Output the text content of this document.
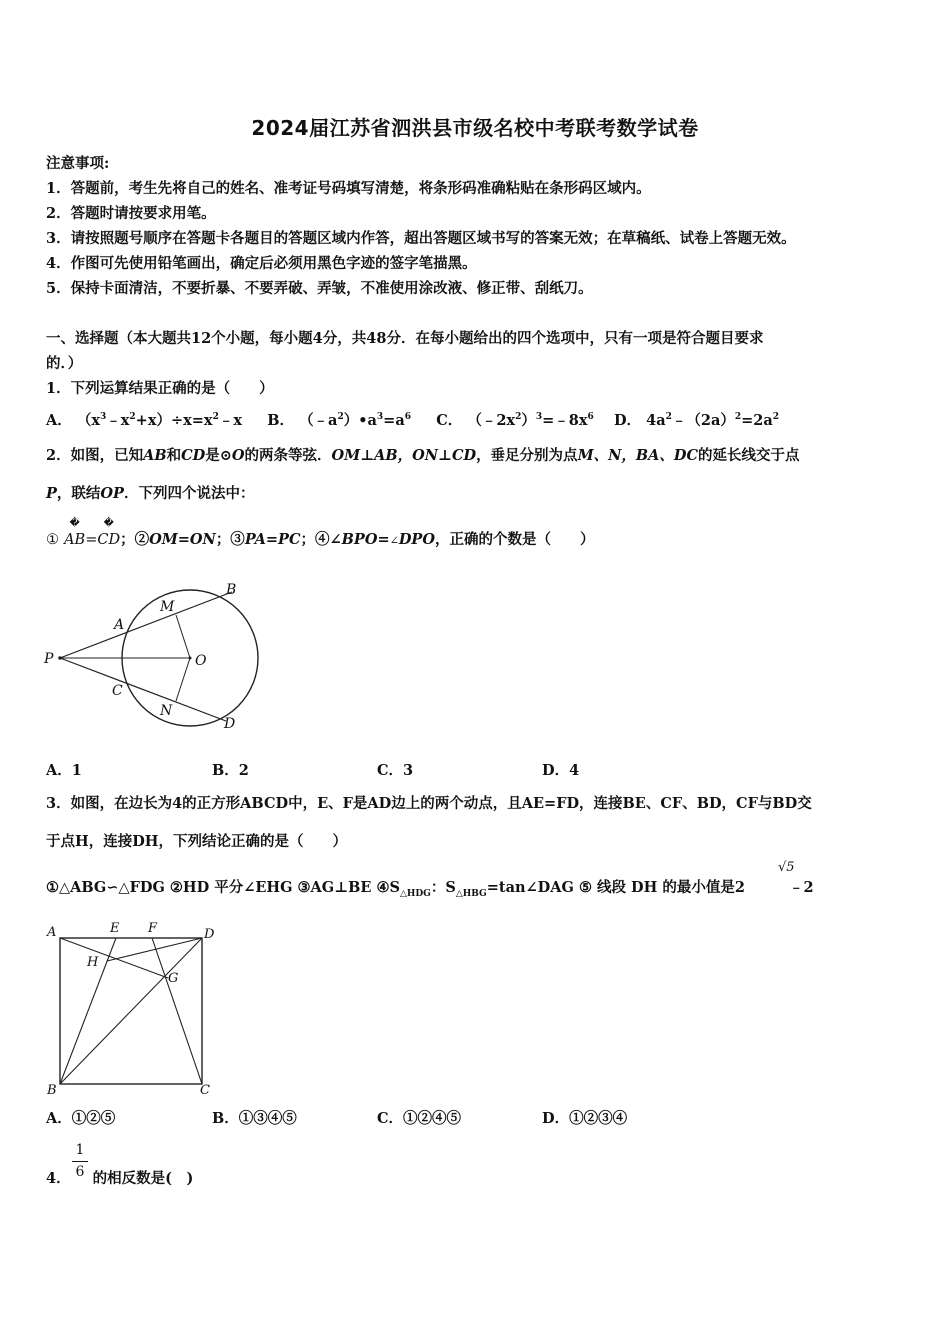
2024届江苏省泗洪县市级名校中考联考数学试卷
注意事项:
1．答题前，考生先将自己的姓名、准考证号码填写清楚，将条形码准确粘贴在条形码区域内。
2．答题时请按要求用笔。
3．请按照题号顺序在答题卡各题目的答题区域内作答，超出答题区域书写的答案无效；在草稿纸、试卷上答题无效。
4．作图可先使用铅笔画出，确定后必须用黑色字迹的签字笔描黑。
5．保持卡面清洁，不要折暴、不要弄破、弄皱，不准使用涂改液、修正带、刮纸刀。
一、选择题（本大题共12个小题，每小题4分，共48分．在每小题给出的四个选项中，只有一项是符合题目要求
的．）
1．下列运算结果正确的是（　　）
A． $(x^3﹣x^2+x)\div x=x^2﹣x$ B． $(﹣a^2)•a^3=a^6$ C． $(﹣2x^2)^3=﹣8x^6$ D． $4a^2﹣(2a)^2=2a^2$
2．如图，已知AB和CD是⊙O的两条等弦．OM⊥AB，ON⊥CD，垂足分别为点M、N，BA、DC的延长线交于点
P，联结OP．下列四个说法中：
①
�
AB=
�
CD；②OM=ON；③PA=PC；④∠BPO=∠DPO，正确的个数是（　　）
P
A
B
M
O
C
N
D
A．1	B．2	C．3	D．4
3．如图，在边长为4的正方形ABCD中，E、F是AD边上的两个动点，且AE=FD，连接BE、CF、BD，CF与BD交
于点H，连接DH，下列结论正确的是（　　）
①△ABG∽△FDG ②HD 平分∠EHG ③AG⊥BE $④S_{\triangle HDG}$：$S_{\triangle HBG}=\tan\angle DAG$ ⑤ 线段 DH 的最小值是2	﹣2
√5
A	E F	D
H
G
B	C
A．①②⑤	B．①③④⑤	C．①②④⑤	D．①②③④
1
6
4． 的相反数是(　)
